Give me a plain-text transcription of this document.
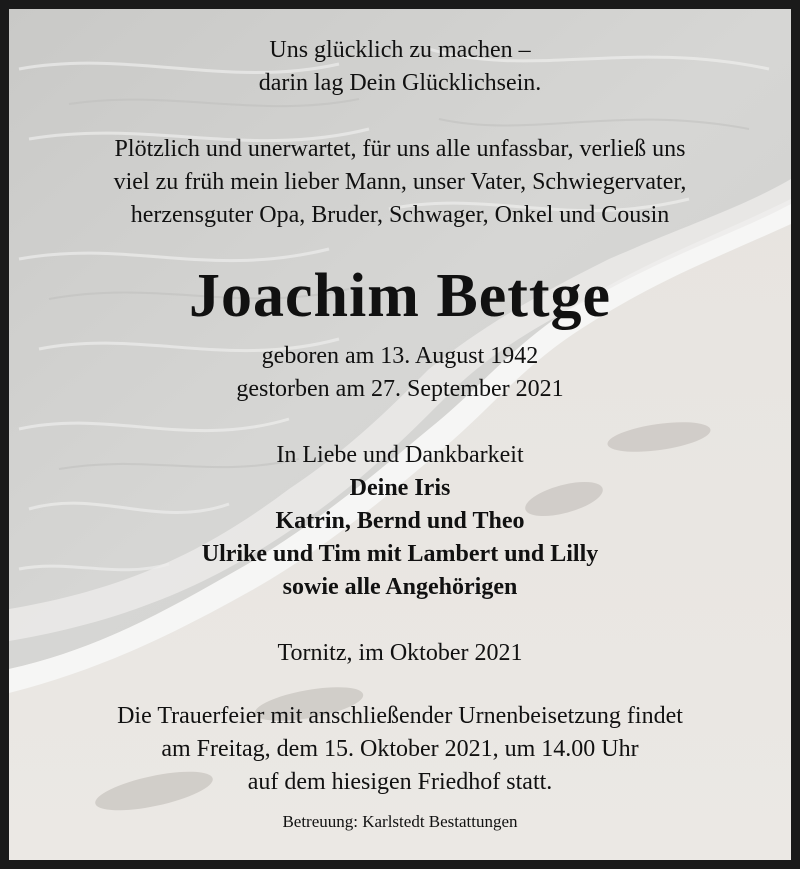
Uns glücklich zu machen –
darin lag Dein Glücklichsein.
Plötzlich und unerwartet, für uns alle unfassbar, verließ uns
viel zu früh mein lieber Mann, unser Vater, Schwiegervater,
herzensguter Opa, Bruder, Schwager, Onkel und Cousin
Joachim Bettge
geboren am 13. August 1942
gestorben am 27. September 2021
In Liebe und Dankbarkeit
Deine Iris
Katrin, Bernd und Theo
Ulrike und Tim mit Lambert und Lilly
sowie alle Angehörigen
Tornitz, im Oktober 2021
Die Trauerfeier mit anschließender Urnenbeisetzung findet
am Freitag, dem 15. Oktober 2021, um 14.00 Uhr
auf dem hiesigen Friedhof statt.
Betreuung: Karlstedt Bestattungen
